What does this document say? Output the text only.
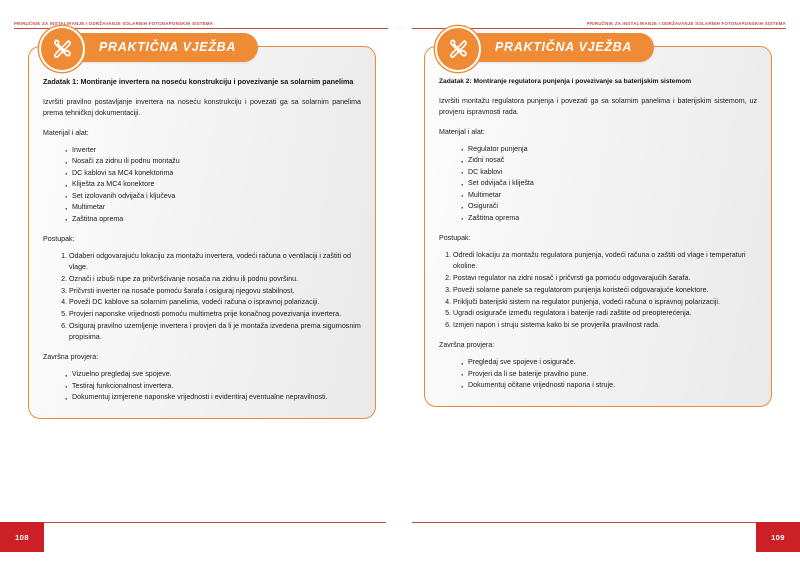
PRIRUČNIK ZA INSTALIRANJE I ODRŽAVANJE SOLARNIH FOTONAPONSKIH SISTEMA
PRAKTIČNA VJEŽBA

Zadatak 1: Montiranje invertera na noseću konstrukciju i povezivanje sa solarnim panelima

Izvršiti pravilno postavljanje invertera na noseću konstrukciju i povezati ga sa solarnim panelima prema tehničkoj dokumentaciji.

Materijal i alat:

· Inverter
· Nosači za zidnu ili podnu montažu
· DC kablovi sa MC4 konektorima
· Kliješta za MC4 konektore
· Set izolovanih odvijača i ključeva
· Multimetar
· Zaštitna oprema

Postupak:

Odaberi odgovarajuću lokaciju za montažu invertera, vodeći računa o ventilaciji i zaštiti od vlage.
Označi i izbuši rupe za pričvršćivanje nosača na zidnu ili podnu površinu.
Pričvrsti inverter na nosače pomoću šarafa i osiguraj njegovu stabilnost.
Poveži DC kablove sa solarnim panelima, vodeći računa o ispravnoj polarizaciji.
Provjeri naponske vrijednosti pomoću multimetra prije konačnog povezivanja invertera.
Osiguraj pravilno uzemljenje invertera i provjeri da li je montaža izvedena prema sigurnosnim propisima.

Završna provjera:

· Vizuelno pregledaj sve spojeve.
· Testiraj funkcionalnost invertera.
· Dokumentuj izmjerene naponske vrijednosti i evidentiraj eventualne nepravilnosti.
108
PRIRUČNIK ZA INSTALIRANJE I ODRŽAVANJE SOLARNIH FOTONAPONSKIH SISTEMA
PRAKTIČNA VJEŽBA

Zadatak 2: Montiranje regulatora punjenja i povezivanje sa baterijskim sistemom

Izvršiti montažu regulatora punjenja i povezati ga sa solarnim panelima i baterijskim sistemom, uz provjeru ispravnosti rada.

Materijal i alat:

· Regulator punjenja
· Zidni nosač
· DC kablovi
· Set odvijača i kliješta
· Multimetar
· Osigurači
· Zaštitna oprema

Postupak:

Odredi lokaciju za montažu regulatora punjenja, vodeći računa o zaštiti od vlage i temperaturi okoline.
Postavi regulator na zidni nosač i pričvrsti ga pomoću odgovarajućih šarafa.
Poveži solarne panele sa regulatorom punjenja koristeći odgovarajuće konektore.
Priključi baterijski sistem na regulator punjenja, vodeći računa o ispravnoj polarizaciji.
Ugradi osigurače između regulatora i baterije radi zaštite od preopterećenja.
Izmjeri napon i struju sistema kako bi se provjerila pravilnost rada.

Završna provjera:

· Pregledaj sve spojeve i osigurače.
· Provjeri da li se baterije pravilno pune.
· Dokumentuj očitane vrijednosti napona i struje.
109
